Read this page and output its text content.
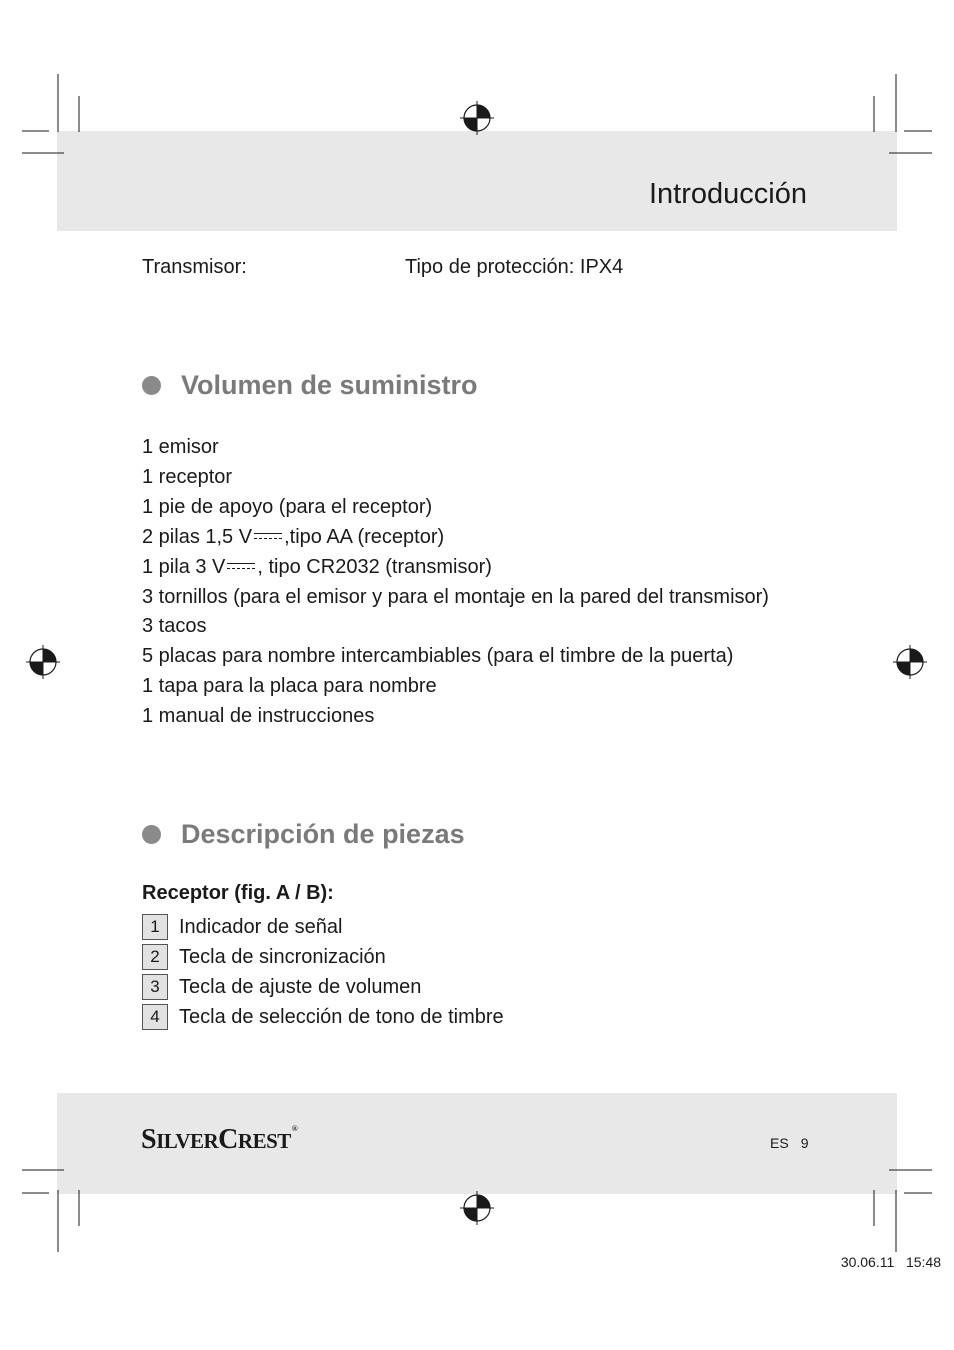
Introducción
Transmisor:	Tipo de protección: IPX4
Volumen de suministro
1 emisor
1 receptor
1 pie de apoyo (para el receptor)
2 pilas 1,5 V ,tipo AA (receptor)
1 pila 3 V , tipo CR2032 (transmisor)
3 tornillos (para el emisor y para el montaje en la pared del transmisor)
3 tacos
5 placas para nombre intercambiables (para el timbre de la puerta)
1 tapa para la placa para nombre
1 manual de instrucciones
Descripción de piezas
Receptor (fig. A / B):
1 Indicador de señal
2 Tecla de sincronización
3 Tecla de ajuste de volumen
4 Tecla de selección de tono de timbre
SILVERCREST®
ES 9
30.06.11 15:48
